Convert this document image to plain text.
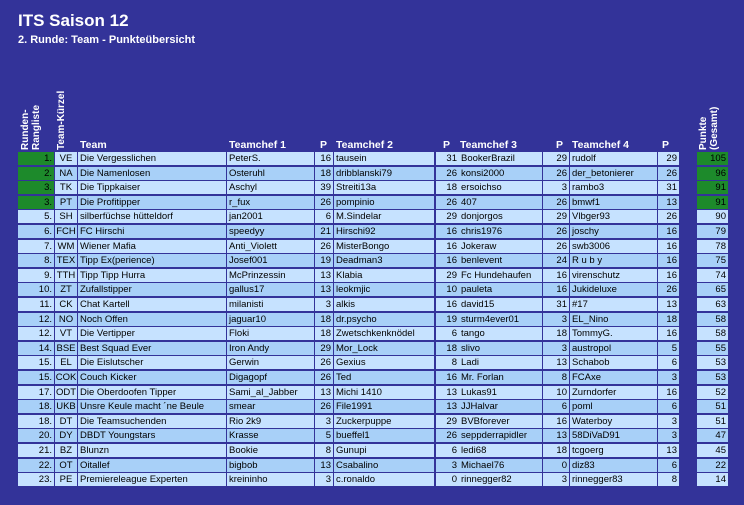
ITS Saison 12
2. Runde: Team - Punkteübersicht
Runden-
Rangliste Team-Kürzel Team	Teamchef 1	P Teamchef 2	P Teamchef 3	P Teamchef 4	P	Punkte
(Gesamt)
1. VE Die Vergesslichen	PeterS.	16 tausein	31 BookerBrazil	29 rudolf	29	105
2. NA Die Namenlosen	Osteruhl	18 dribblanski79	26 konsi2000	26 der_betonierer	26	96
3. TK Die Tippkaiser	Aschyl	39 Streiti13a	18 ersoichso	3 rambo3	31	91
3. PT Die Profitipper	r_fux	26 pompinio	26 407	26 bmwf1	13	91
5. SH silberfüchse hütteldorf	jan2001	6 M.Sindelar	29 donjorgos	29 Vlbger93	26	90
6. FCH FC Hirschi	speedyy	21 Hirschi92	16 chris1976	26 joschy	16	79
7. WM Wiener Mafia	Anti_Violett	26 MisterBongo	16 Jokeraw	26 swb3006	16	78
8. TEX Tipp Ex(perience)	Josef001	19 Deadman3	16 benlevent	24 R u b y	16	75
9. TTH Tipp Tipp Hurra	McPrinzessin	13 Klabia	29 Fc Hundehaufen	16 virenschutz	16	74
10. ZT Zufallstipper	gallus17	13 leokmjic	10 pauleta	16 Jukideluxe	26	65
11. CK Chat Kartell	milanisti	3 alkis	16 david15	31 #17	13	63
12. NO Noch Offen	jaguar10	18 dr.psycho	19 sturm4ever01	3 EL_Nino	18	58
12. VT Die Vertipper	Floki	18 Zwetschkenknödel	6 tango	18 TommyG.	16	58
14. BSE Best Squad Ever	Iron Andy	29 Mor_Lock	18 slivo	3 austropol	5	55
15. EL Die Eislutscher	Gerwin	26 Gexius	8 Ladi	13 Schabob	6	53
15. COK Couch Kicker	Digagopf	26 Ted	16 Mr. Forlan	8 FCAxe	3	53
17. ODT Die Oberdoofen Tipper	Sami_al_Jabber	13 Michi 1410	13 Lukas91	10 Zurndorfer	16	52
18. UKB Unsre Keule macht ´ne Beule	smear	26 File1991	13 JJHalvar	6 poml	6	51
18. DT Die Teamsuchenden	Rio 2k9	3 Zuckerpuppe	29 BVBforever	16 Waterboy	3	51
20. DY DBDT Youngstars	Krasse	5 bueffel1	26 seppderrapidler	13 58DiVaD91	3	47
21. BZ Blunzn	Bookie	8 Gunupi	6 ledi68	18 tcgoerg	13	45
22. OT Oitallef	bigbob	13 Csabalino	3 Michael76	0 diz83	6	22
23. PE Premiereleague Experten	kreininho	3 c.ronaldo	0 rinnegger82	3 rinnegger83	8	14
